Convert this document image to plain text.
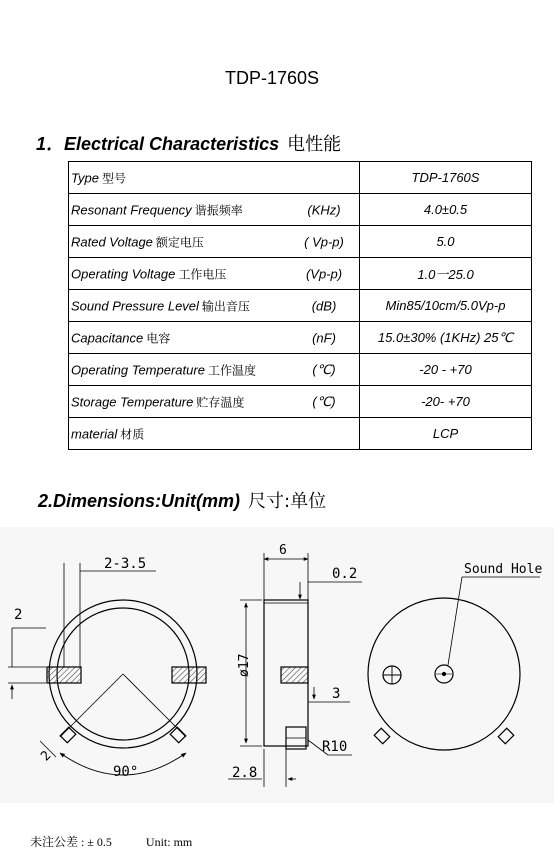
TDP-1760S
1．Electrical Characteristics 电性能
Type 型号	TDP-1760S

Resonant Frequency 谐振频率 (KHz)	4.0±0.5

Rated Voltage 额定电压 ( Vp-p)	5.0

Operating Voltage 工作电压 (Vp-p)	1.0一25.0

Sound Pressure Level 输出音压 (dB)	Min85/10cm/5.0Vp-p

Capacitance 电容 (nF)	15.0±30% (1KHz) 25℃

Operating Temperature 工作温度 (℃)	-20 - +70

Storage Temperature 贮存温度 (℃)	-20- +70

material 材质	LCP
2.Dimensions:Unit(mm) 尺寸:单位
2-3.5
2
2
90°
6
0.2
ø17
3
R10
2.8
Sound Hole
未注公差 : ± 0.5	Unit: mm
